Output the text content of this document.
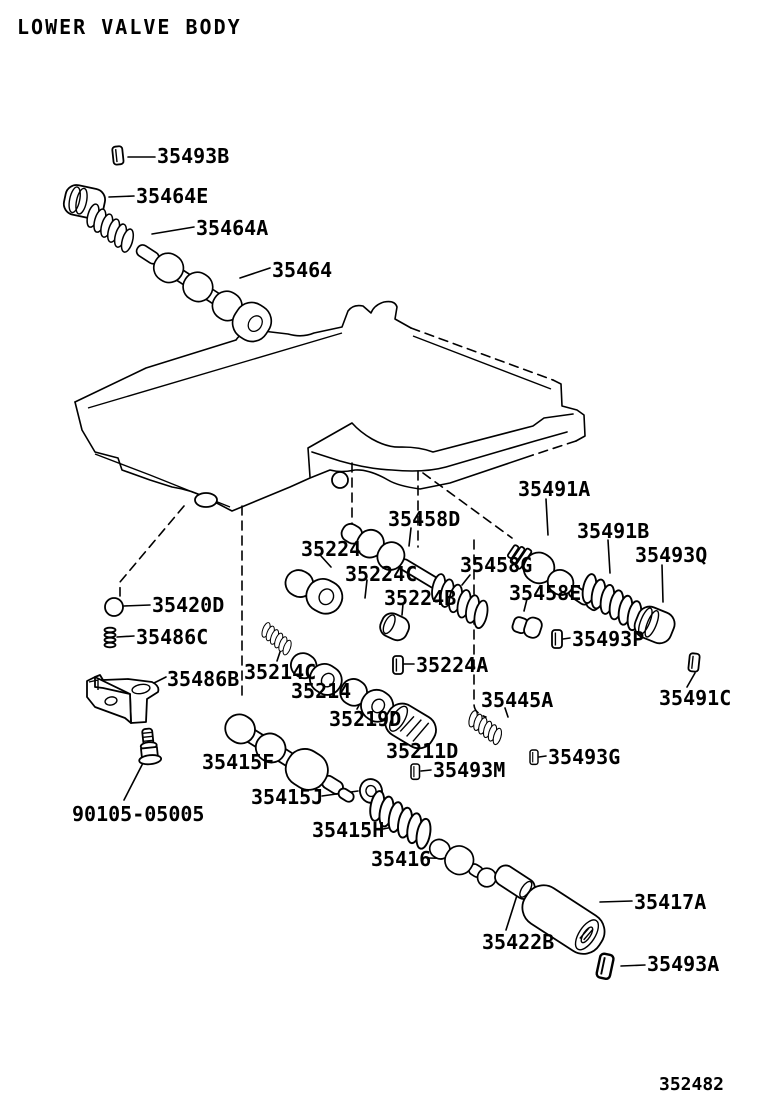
LOWER VALVE BODY
35493B
35464E
35464A
35464
35458D
35224
35224C
35224B
35458G
35458E
35491A
35491B
35493Q
35493P
35491C
35420D
35486C
35486B 35214C
35214
35219D
35224A
35211D
35445A
35493M
35493G
35415F
35415J
90105-05005
35415H
35416
35422B
35417A
35493A
352482
